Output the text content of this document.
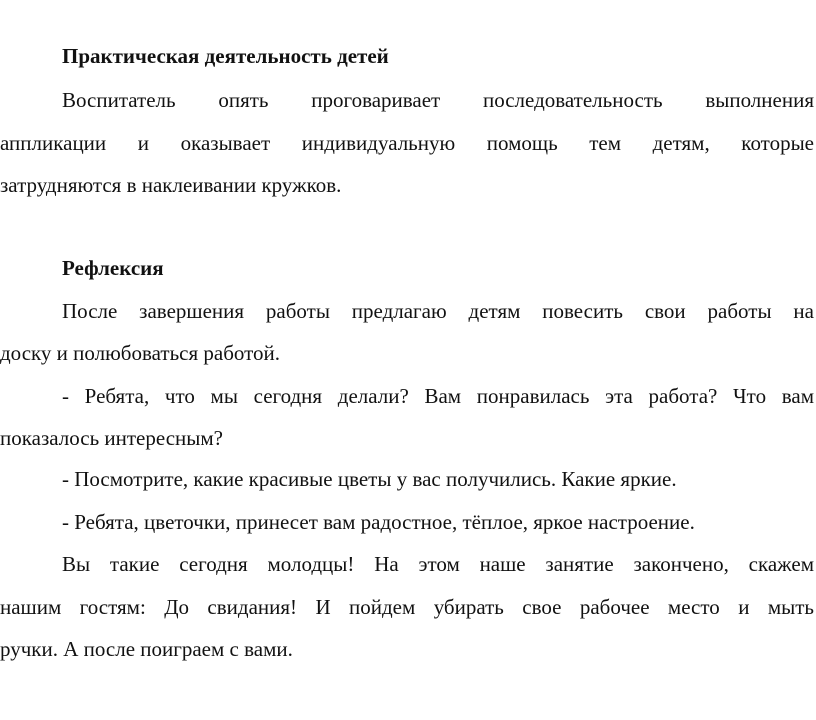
Практическая деятельность детей
Воспитатель опять проговаривает последовательность выполнения
аппликации и оказывает индивидуальную помощь тем детям, которые
затрудняются в наклеивании кружков.
Рефлексия
После завершения работы предлагаю детям повесить свои работы на
доску и полюбоваться работой.
- Ребята, что мы сегодня делали? Вам понравилась эта работа? Что вам
показалось интересным?
- Посмотрите, какие красивые цветы у вас получились. Какие яркие.
- Ребята, цветочки, принесет вам радостное, тёплое, яркое настроение.
Вы такие сегодня молодцы! На этом наше занятие закончено, скажем
нашим гостям: До свидания! И пойдем убирать свое рабочее место и мыть
ручки. А после поиграем с вами.
